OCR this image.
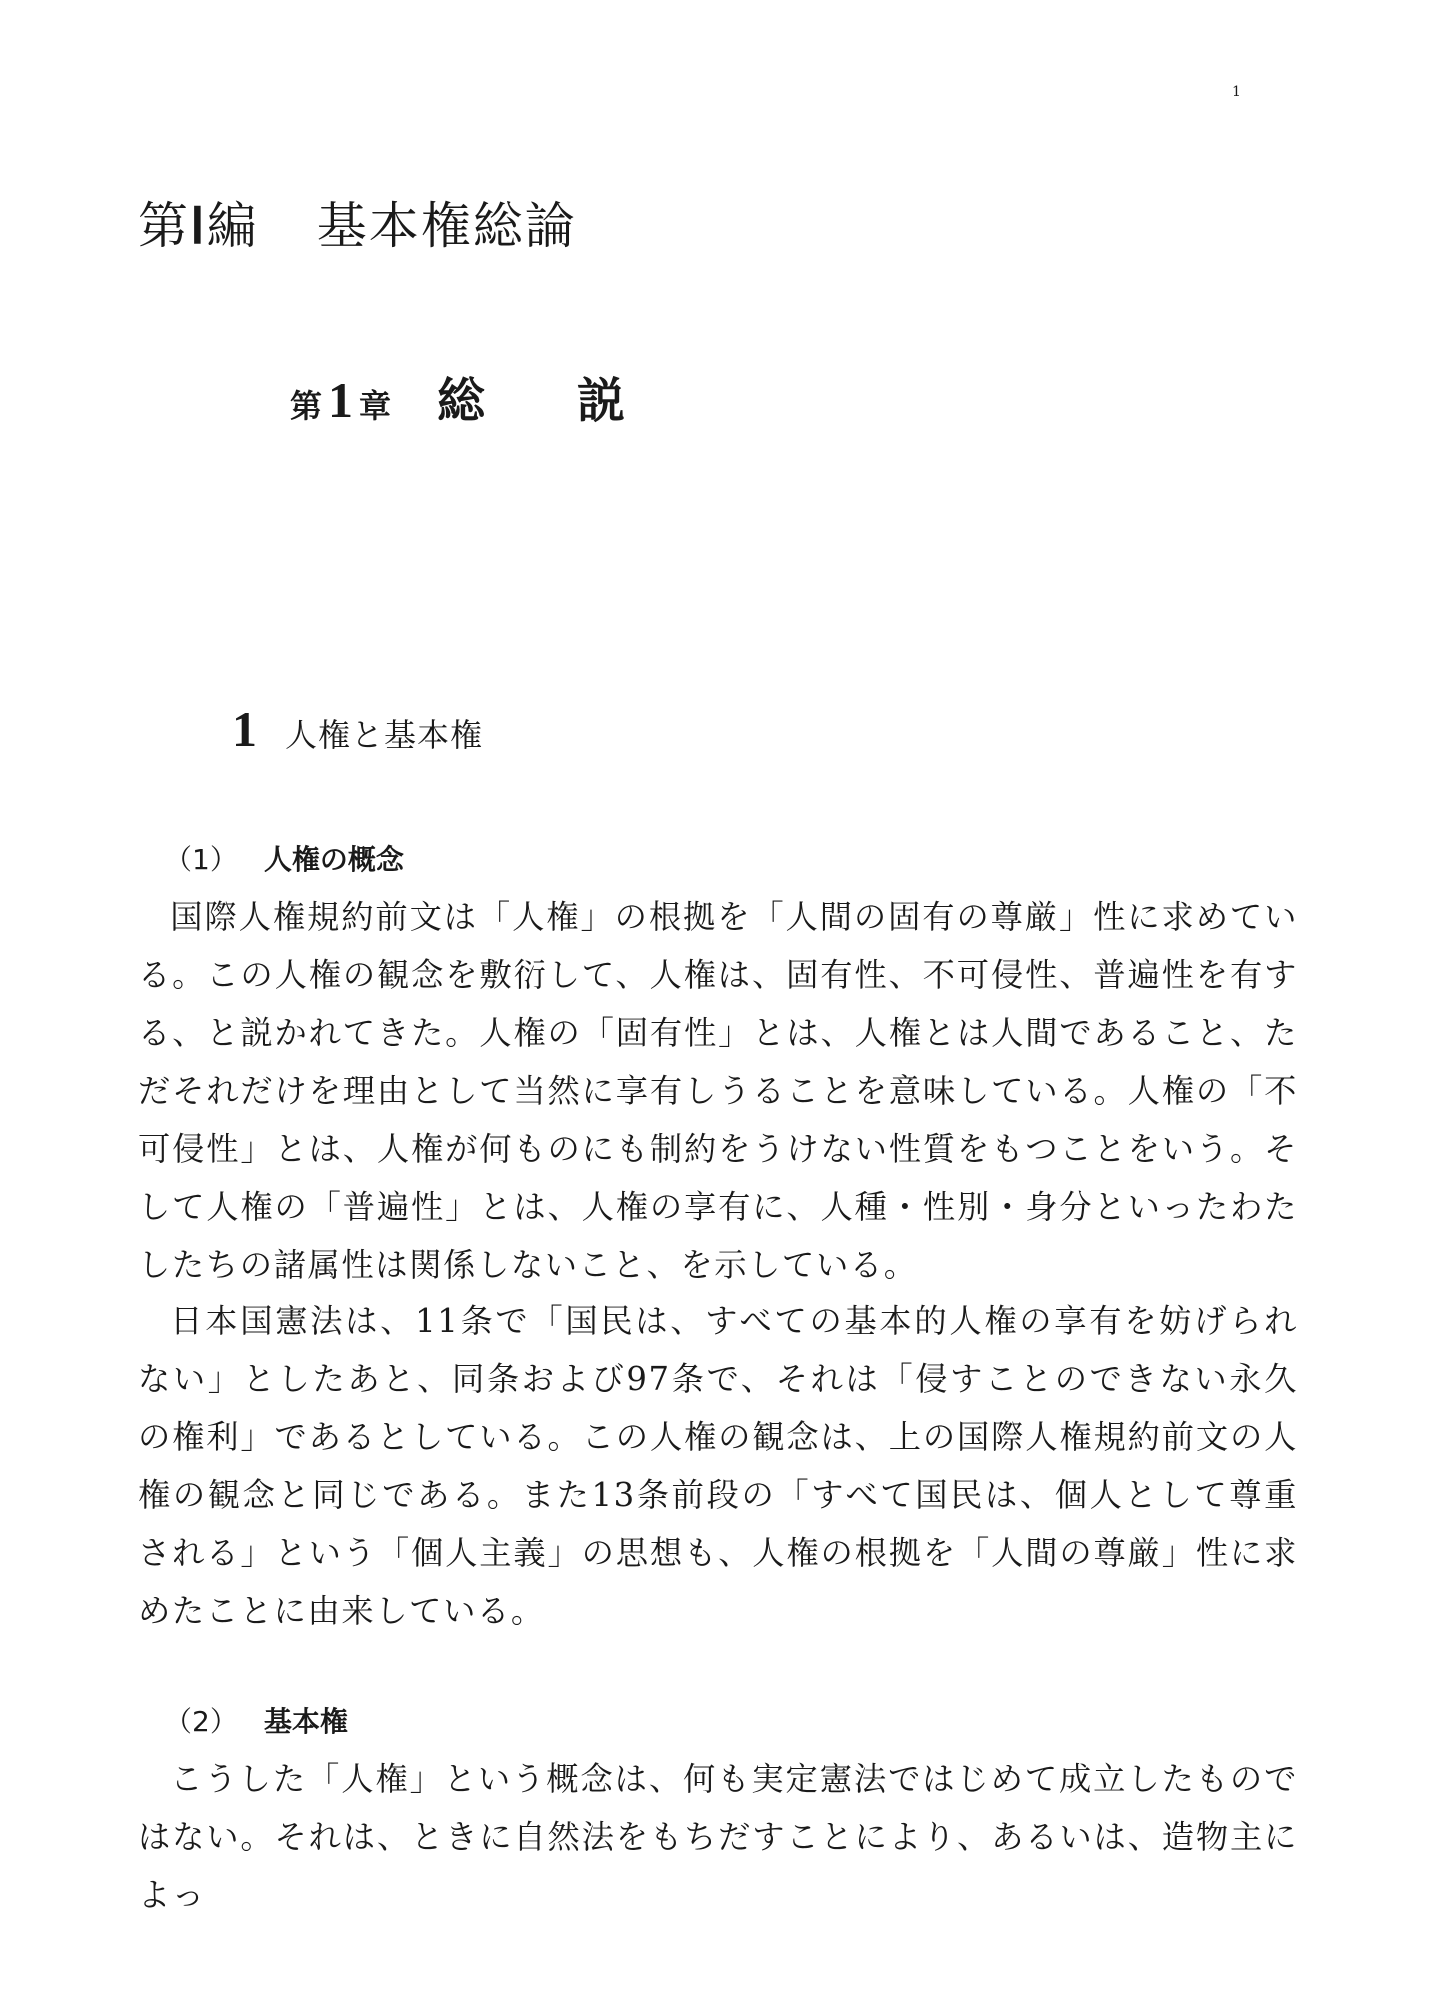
1
第Ⅰ編 基本権総論
第 1 章 総 説
1 人権と基本権
（1） 人権の概念

国際人権規約前文は「人権」の根拠を「人間の固有の尊厳」性に求めている。この人権の観念を敷衍して、人権は、固有性、不可侵性、普遍性を有する、と説かれてきた。人権の「固有性」とは、人権とは人間であること、ただそれだけを理由として当然に享有しうることを意味している。人権の「不可侵性」とは、人権が何ものにも制約をうけない性質をもつことをいう。そして人権の「普遍性」とは、人権の享有に、人種・性別・身分といったわたしたちの諸属性は関係しないこと、を示している。

日本国憲法は、11条で「国民は、すべての基本的人権の享有を妨げられない」としたあと、同条および97条で、それは「侵すことのできない永久の権利」であるとしている。この人権の観念は、上の国際人権規約前文の人権の観念と同じである。また13条前段の「すべて国民は、個人として尊重される」という「個人主義」の思想も、人権の根拠を「人間の尊厳」性に求めたことに由来している。

（2） 基本権

こうした「人権」という概念は、何も実定憲法ではじめて成立したものではない。それは、ときに自然法をもちだすことにより、あるいは、造物主によっ
